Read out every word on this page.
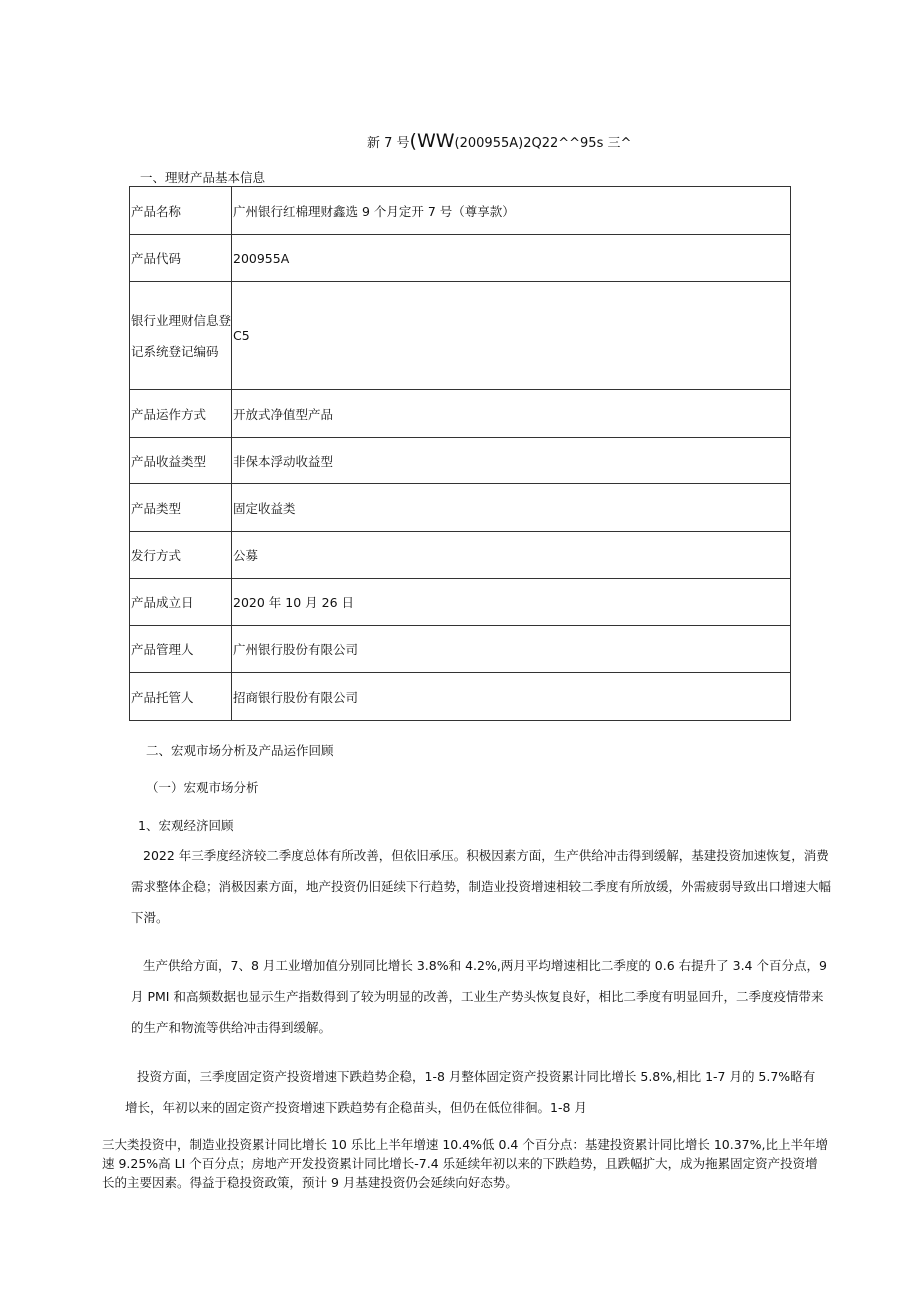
新 7 号(WW(200955A)2Q22^^95s 三^
一、理财产品基本信息
产品名称	广州银行红棉理财鑫选 9 个月定开 7 号（尊享款）
产品代码	200955A
银行业理财信息登记系统登记编码	C5
产品运作方式	开放式净值型产品
产品收益类型	非保本浮动收益型
产品类型	固定收益类
发行方式	公募
产品成立日	2020 年 10 月 26 日
产品管理人	广州银行股份有限公司
产品托管人	招商银行股份有限公司
二、宏观市场分析及产品运作回顾
（一）宏观市场分析
1、宏观经济回顾
2022 年三季度经济较二季度总体有所改善，但依旧承压。积极因素方面，生产供给冲击得到缓解，基建投资加速恢复，消费需求整体企稳；消极因素方面，地产投资仍旧延续下行趋势，制造业投资增速相较二季度有所放缓，外需疲弱导致出口增速大幅下滑。
生产供给方面，7、8 月工业增加值分别同比增长 3.8%和 4.2%,两月平均增速相比二季度的 0.6 右提升了 3.4 个百分点，9 月 PMI 和高频数据也显示生产指数得到了较为明显的改善，工业生产势头恢复良好，相比二季度有明显回升，二季度疫情带来的生产和物流等供给冲击得到缓解。
投资方面，三季度固定资产投资增速下跌趋势企稳，1-8 月整体固定资产投资累计同比增长 5.8%,相比 1-7 月的 5.7%略有增长，年初以来的固定资产投资增速下跌趋势有企稳苗头，但仍在低位徘徊。1-8 月
三大类投资中，制造业投资累计同比增长 10 乐比上半年增速 10.4%低 0.4 个百分点：基建投资累计同比增长 10.37%,比上半年增速 9.25%高 LI 个百分点；房地产开发投资累计同比增长-7.4 乐延续年初以来的下跌趋势，且跌幅扩大，成为拖累固定资产投资增长的主要因素。得益于稳投资政策，预计 9 月基建投资仍会延续向好态势。
